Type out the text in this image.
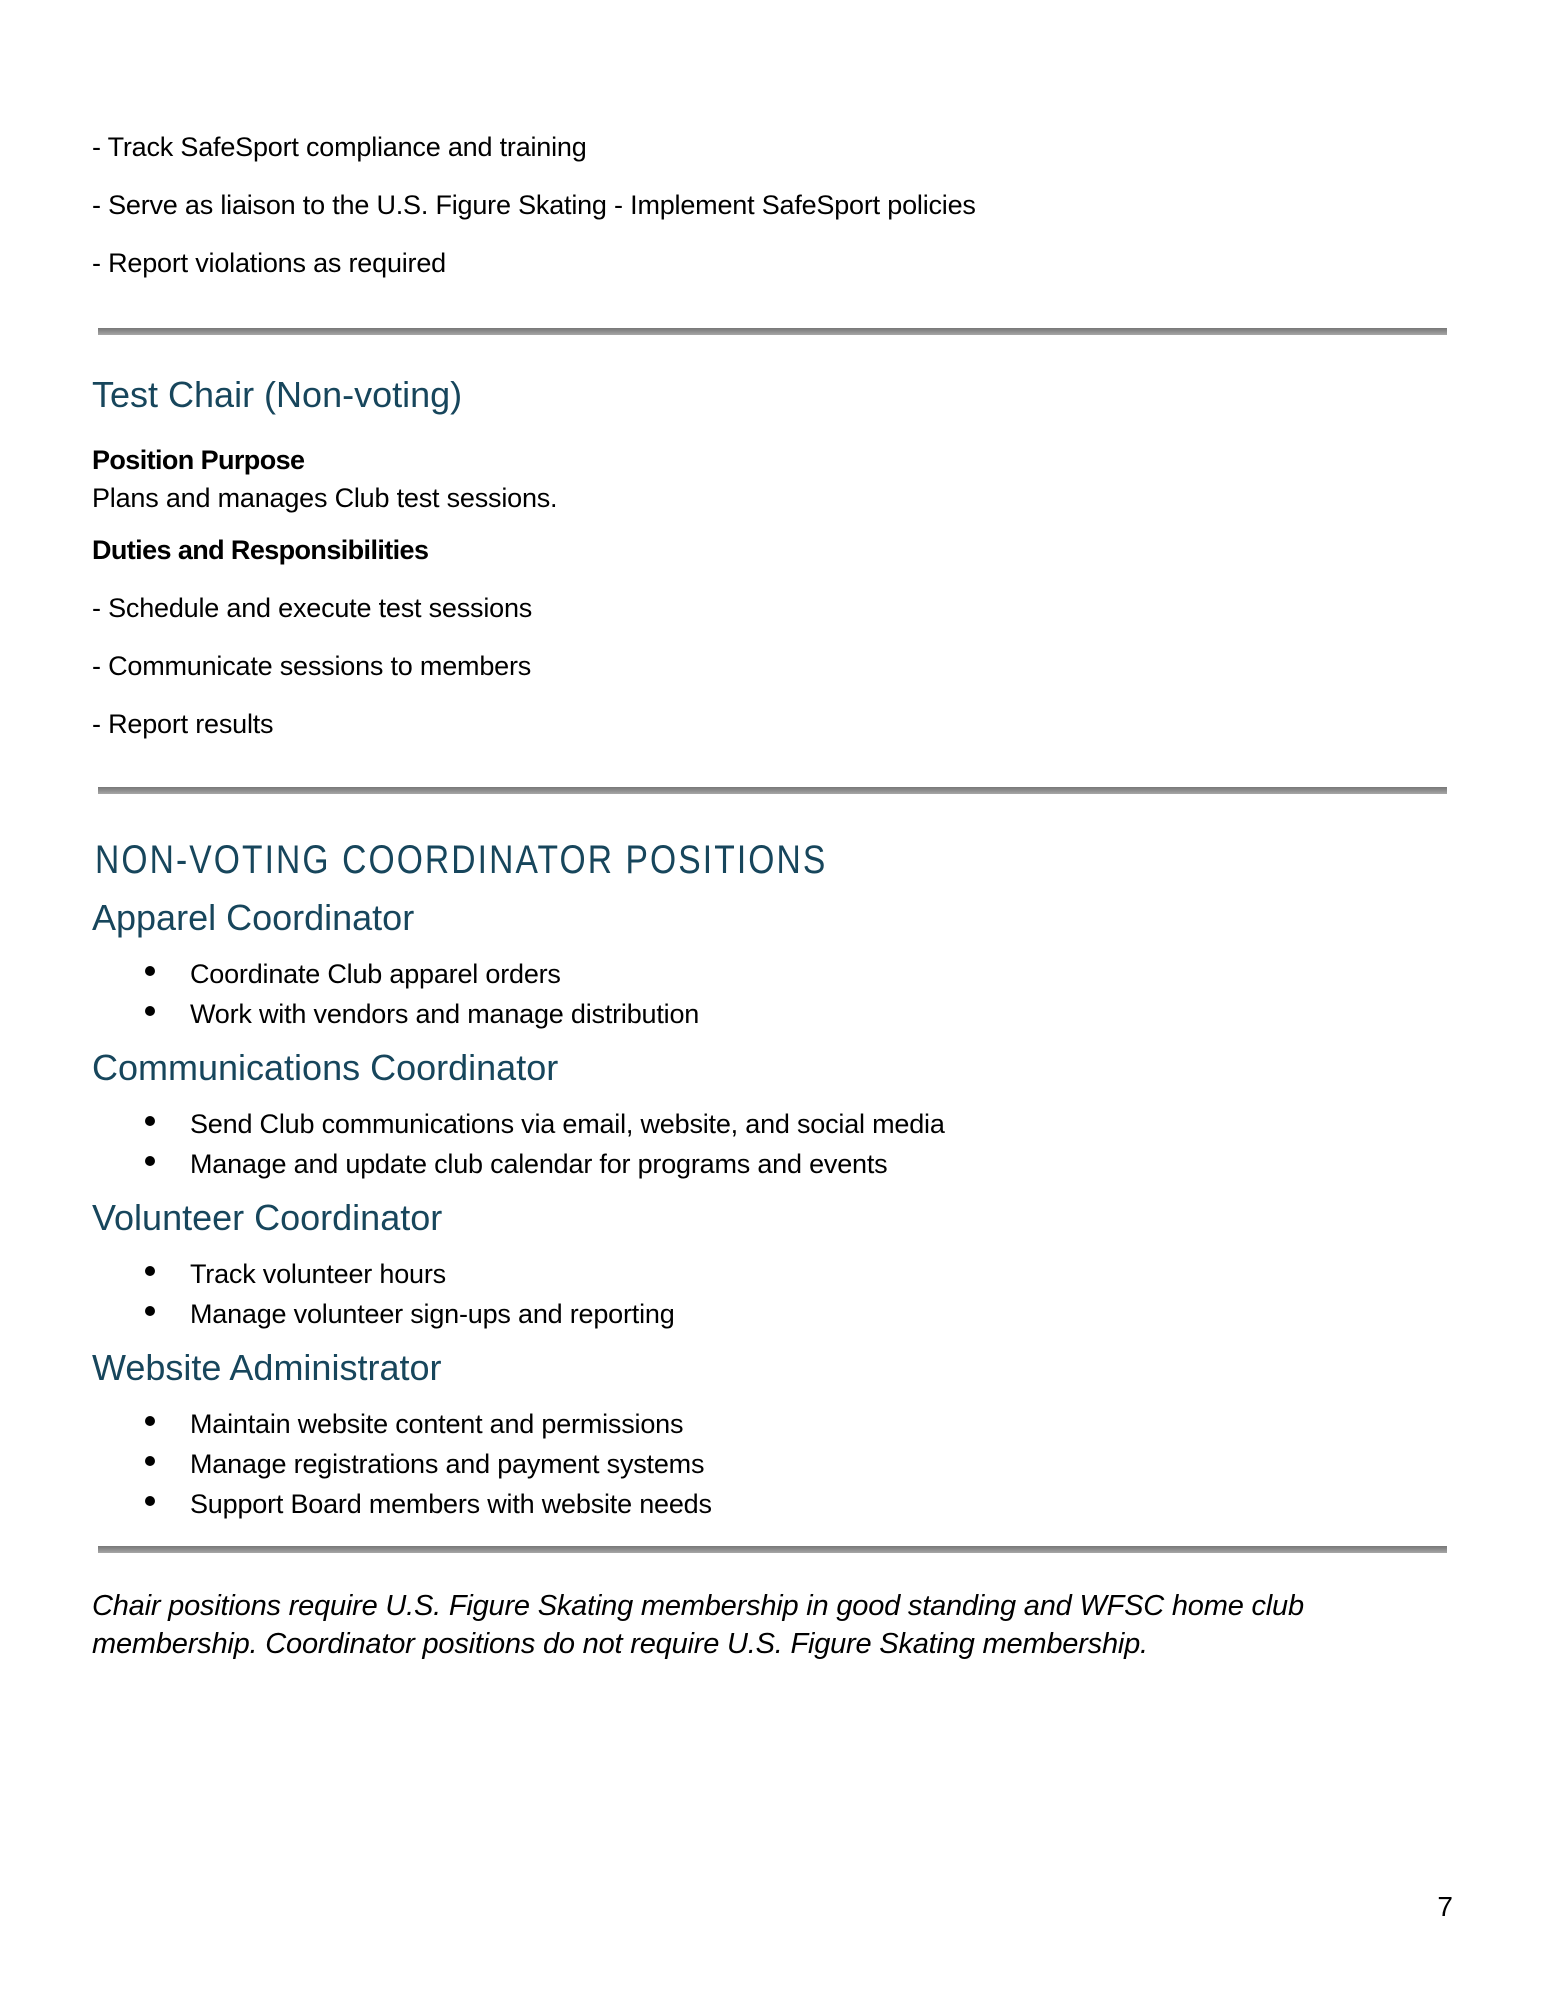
- Track SafeSport compliance and training

- Serve as liaison to the U.S. Figure Skating - Implement SafeSport policies

- Report violations as required

Test Chair (Non-voting)

Position Purpose
Plans and manages Club test sessions.

Duties and Responsibilities

- Schedule and execute test sessions

- Communicate sessions to members

- Report results

NON-VOTING COORDINATOR POSITIONS
Apparel Coordinator
Coordinate Club apparel orders
Work with vendors and manage distribution
Communications Coordinator
Send Club communications via email, website, and social media
Manage and update club calendar for programs and events
Volunteer Coordinator
Track volunteer hours
Manage volunteer sign-ups and reporting
Website Administrator
Maintain website content and permissions
Manage registrations and payment systems
Support Board members with website needs

Chair positions require U.S. Figure Skating membership in good standing and WFSC home club
membership. Coordinator positions do not require U.S. Figure Skating membership.

7
